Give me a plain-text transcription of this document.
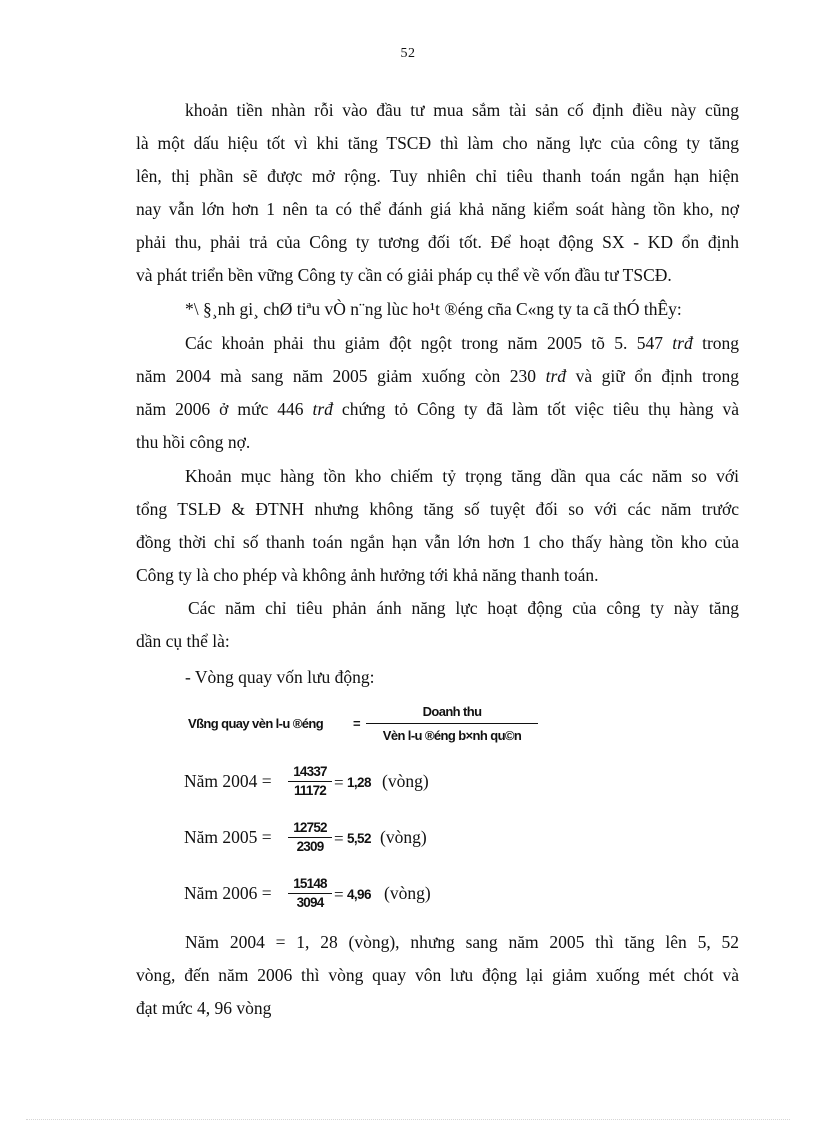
52

khoản tiền nhàn rỗi vào đầu tư mua sắm tài sản cố định điều này cũng
là một dấu hiệu tốt vì khi tăng TSCĐ thì làm cho năng lực của công ty tăng
lên, thị phần sẽ được mở rộng. Tuy nhiên chỉ tiêu thanh toán ngắn hạn hiện
nay vẫn lớn hơn 1 nên ta có thể đánh giá khả năng kiểm soát hàng tồn kho, nợ
phải thu, phải trả của Công ty tương đối tốt. Để hoạt động SX - KD ổn định
và phát triển bền vững Công ty cần có giải pháp cụ thể về vốn đầu tư TSCĐ.

*\ §¸nh gi¸ chØ tiªu vÒ n¨ng lùc ho¹t ®éng cña C«ng ty ta cã thÓ thÊy:

Các khoản phải thu giảm đột ngột trong năm 2005 tõ 5. 547 trđ trong
năm 2004 mà sang năm 2005 giảm xuống còn 230 trđ và giữ ổn định trong
năm 2006 ở mức 446 trđ chứng tỏ Công ty đã làm tốt việc tiêu thụ hàng và
thu hồi công nợ.

Khoản mục hàng tồn kho chiếm tỷ trọng tăng dần qua các năm so với
tổng TSLĐ & ĐTNH nhưng không tăng số tuyệt đối so với các năm trước
đồng thời chỉ số thanh toán ngắn hạn vẫn lớn hơn 1 cho thấy hàng tồn kho của
Công ty là cho phép và không ảnh hưởng tới khả năng thanh toán.

Các năm chỉ tiêu phản ánh năng lực hoạt động của công ty này tăng
dần cụ thể là:

- Vòng quay vốn lưu động:

Vßng quay vèn l-u ®éng =
Doanh thu
Vèn l-u ®éng b×nh qu©n
Năm $2004 = \frac{14337}{11172} = 1,28$ (vòng)
Năm $2005 = \frac{12752}{2309} = 5,52$ (vòng)
Năm $2006 = \frac{15148}{3094} = 4,96$ (vòng)

Năm 2004 = 1, 28 (vòng), nhưng sang năm 2005 thì tăng lên 5, 52
vòng, đến năm 2006 thì vòng quay vôn lưu động lại giảm xuống mét chót và
đạt mức 4, 96 vòng
